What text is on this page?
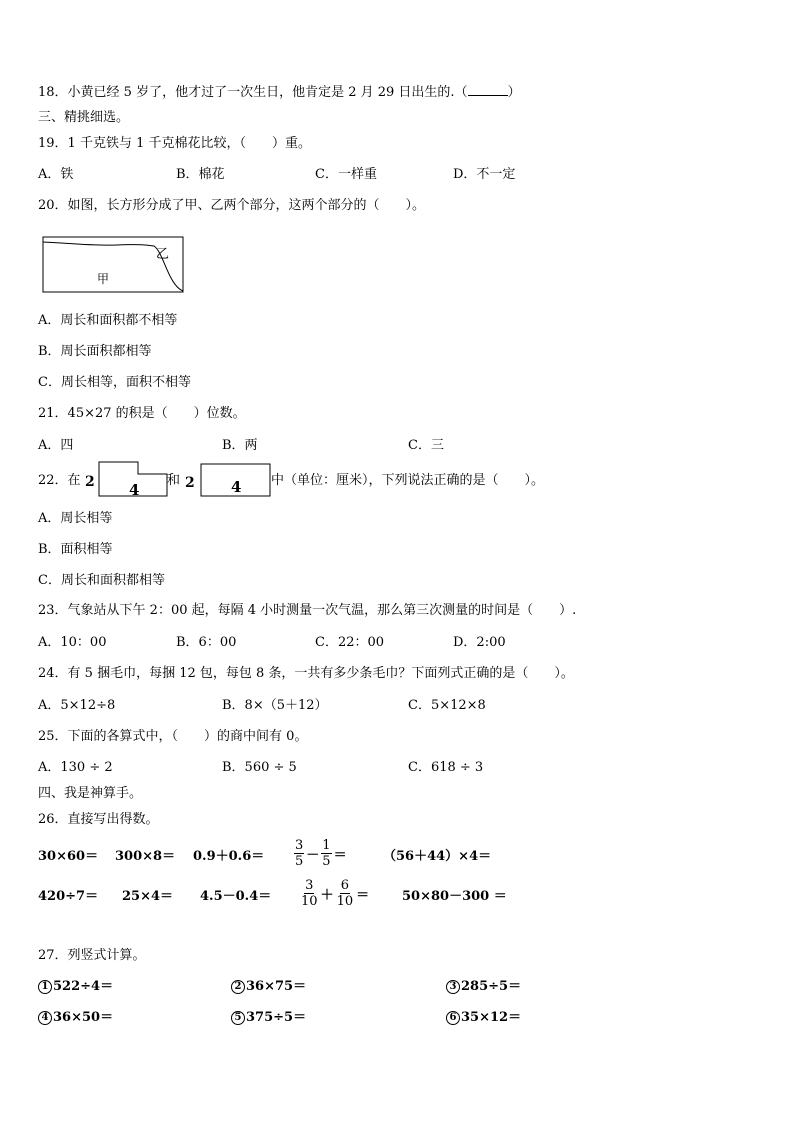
18．小黄已经 5 岁了，他才过了一次生日，他肯定是 2 月 29 日出生的.（	）
三、精挑细选。
19．1 千克铁与 1 千克棉花比较，（　　）重。
A．铁	B．棉花	C．一样重	D．不一定
20．如图，长方形分成了甲、乙两个部分，这两个部分的（　　）。
乙
甲
A．周长和面积都不相等
B．周长面积都相等
C．周长相等，面积不相等
21．45×27 的积是（　　）位数。
A．四	B．两	C．三
22．在 2 4
和 2 4 中（单位：厘米），下列说法正确的是（　　）。
A．周长相等
B．面积相等
C．周长和面积都相等
23．气象站从下午 2：00 起，每隔 4 小时测量一次气温，那么第三次测量的时间是（　　）.
A．10：00	B．6：00	C．22：00	D．2:00
24．有 5 捆毛巾，每捆 12 包，每包 8 条，一共有多少条毛巾？下面列式正确的是（　　）。
A．5×12÷8	B．8×（5＋12）	C．5×12×8
25．下面的各算式中，（　　）的商中间有 0。
A．130 ÷ 2	B．560 ÷ 5	C．618 ÷ 3
四、我是神算手。
26．直接写出得数。
30×60＝ 300×8＝ 0.9＋0.6＝
3
5 －
1
5 ＝	（56＋44）×4＝
420÷7＝ 25×4＝ 4.5－0.4＝
3
10 ＋
6
10 ＝	50×80－300 ＝
27．列竖式计算。
1 522÷4＝	2 36×75＝	3 285÷5＝
4 36×50＝	5 375÷5＝	6 35×12＝
